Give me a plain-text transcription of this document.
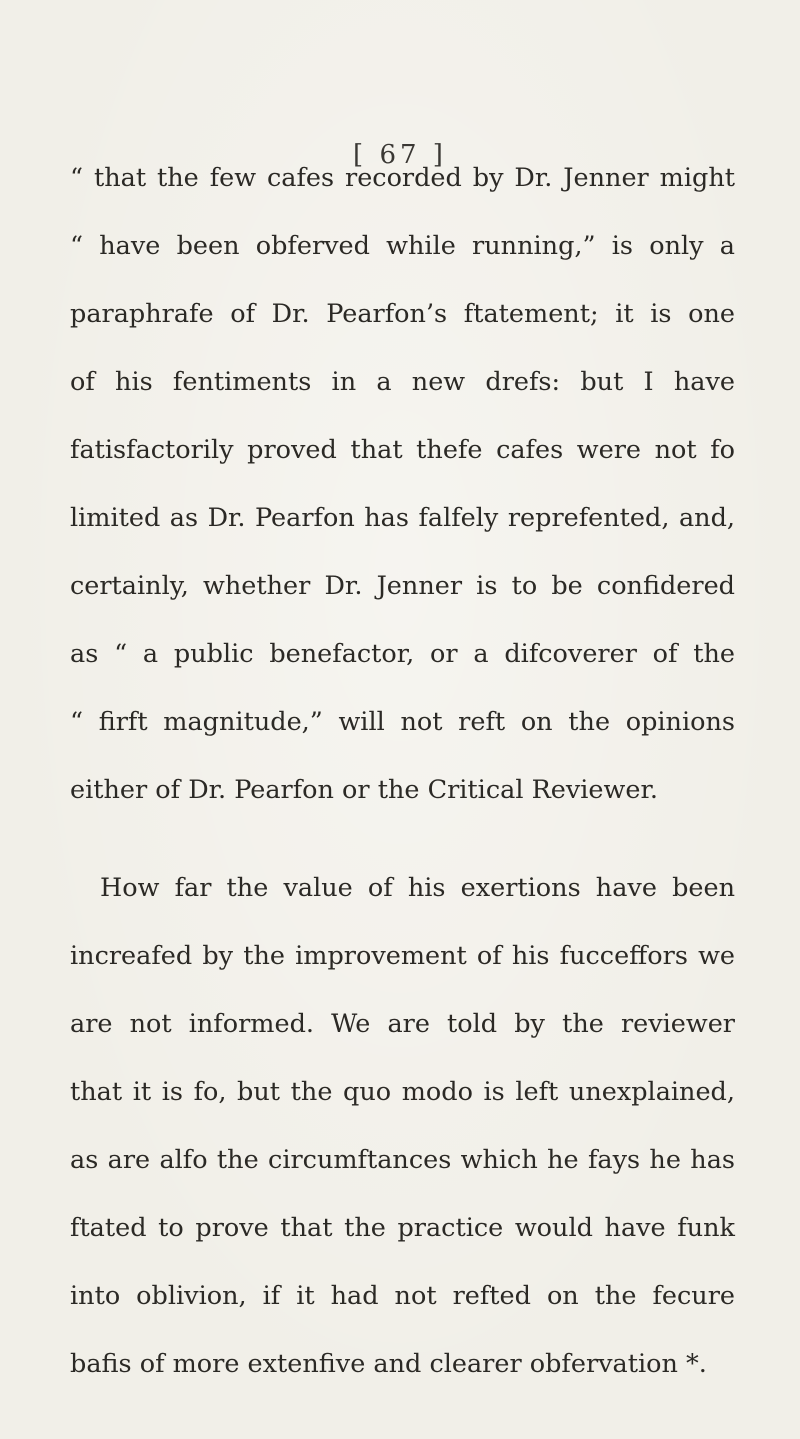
[ 67 ]
“ that the few cafes recorded by Dr. Jenner might
“ have been obferved while running,” is only a
paraphrafe of Dr. Pearfon’s ftatement; it is one
of his fentiments in a new drefs: but I have
fatisfactorily proved that thefe cafes were not fo
limited as Dr. Pearfon has falfely reprefented, and,
certainly, whether Dr. Jenner is to be confidered
as “ a public benefactor, or a difcoverer of the
“ firft magnitude,” will not reft on the opinions
either of Dr. Pearfon or the Critical Reviewer.
How far the value of his exertions have been
increafed by the improvement of his fucceffors we
are not informed. We are told by the reviewer
that it is fo, but the quo modo is left unexplained,
as are alfo the circumftances which he fays he has
ftated to prove that the practice would have funk
into oblivion, if it had not refted on the fecure
bafis of more extenfive and clearer obfervation *.
